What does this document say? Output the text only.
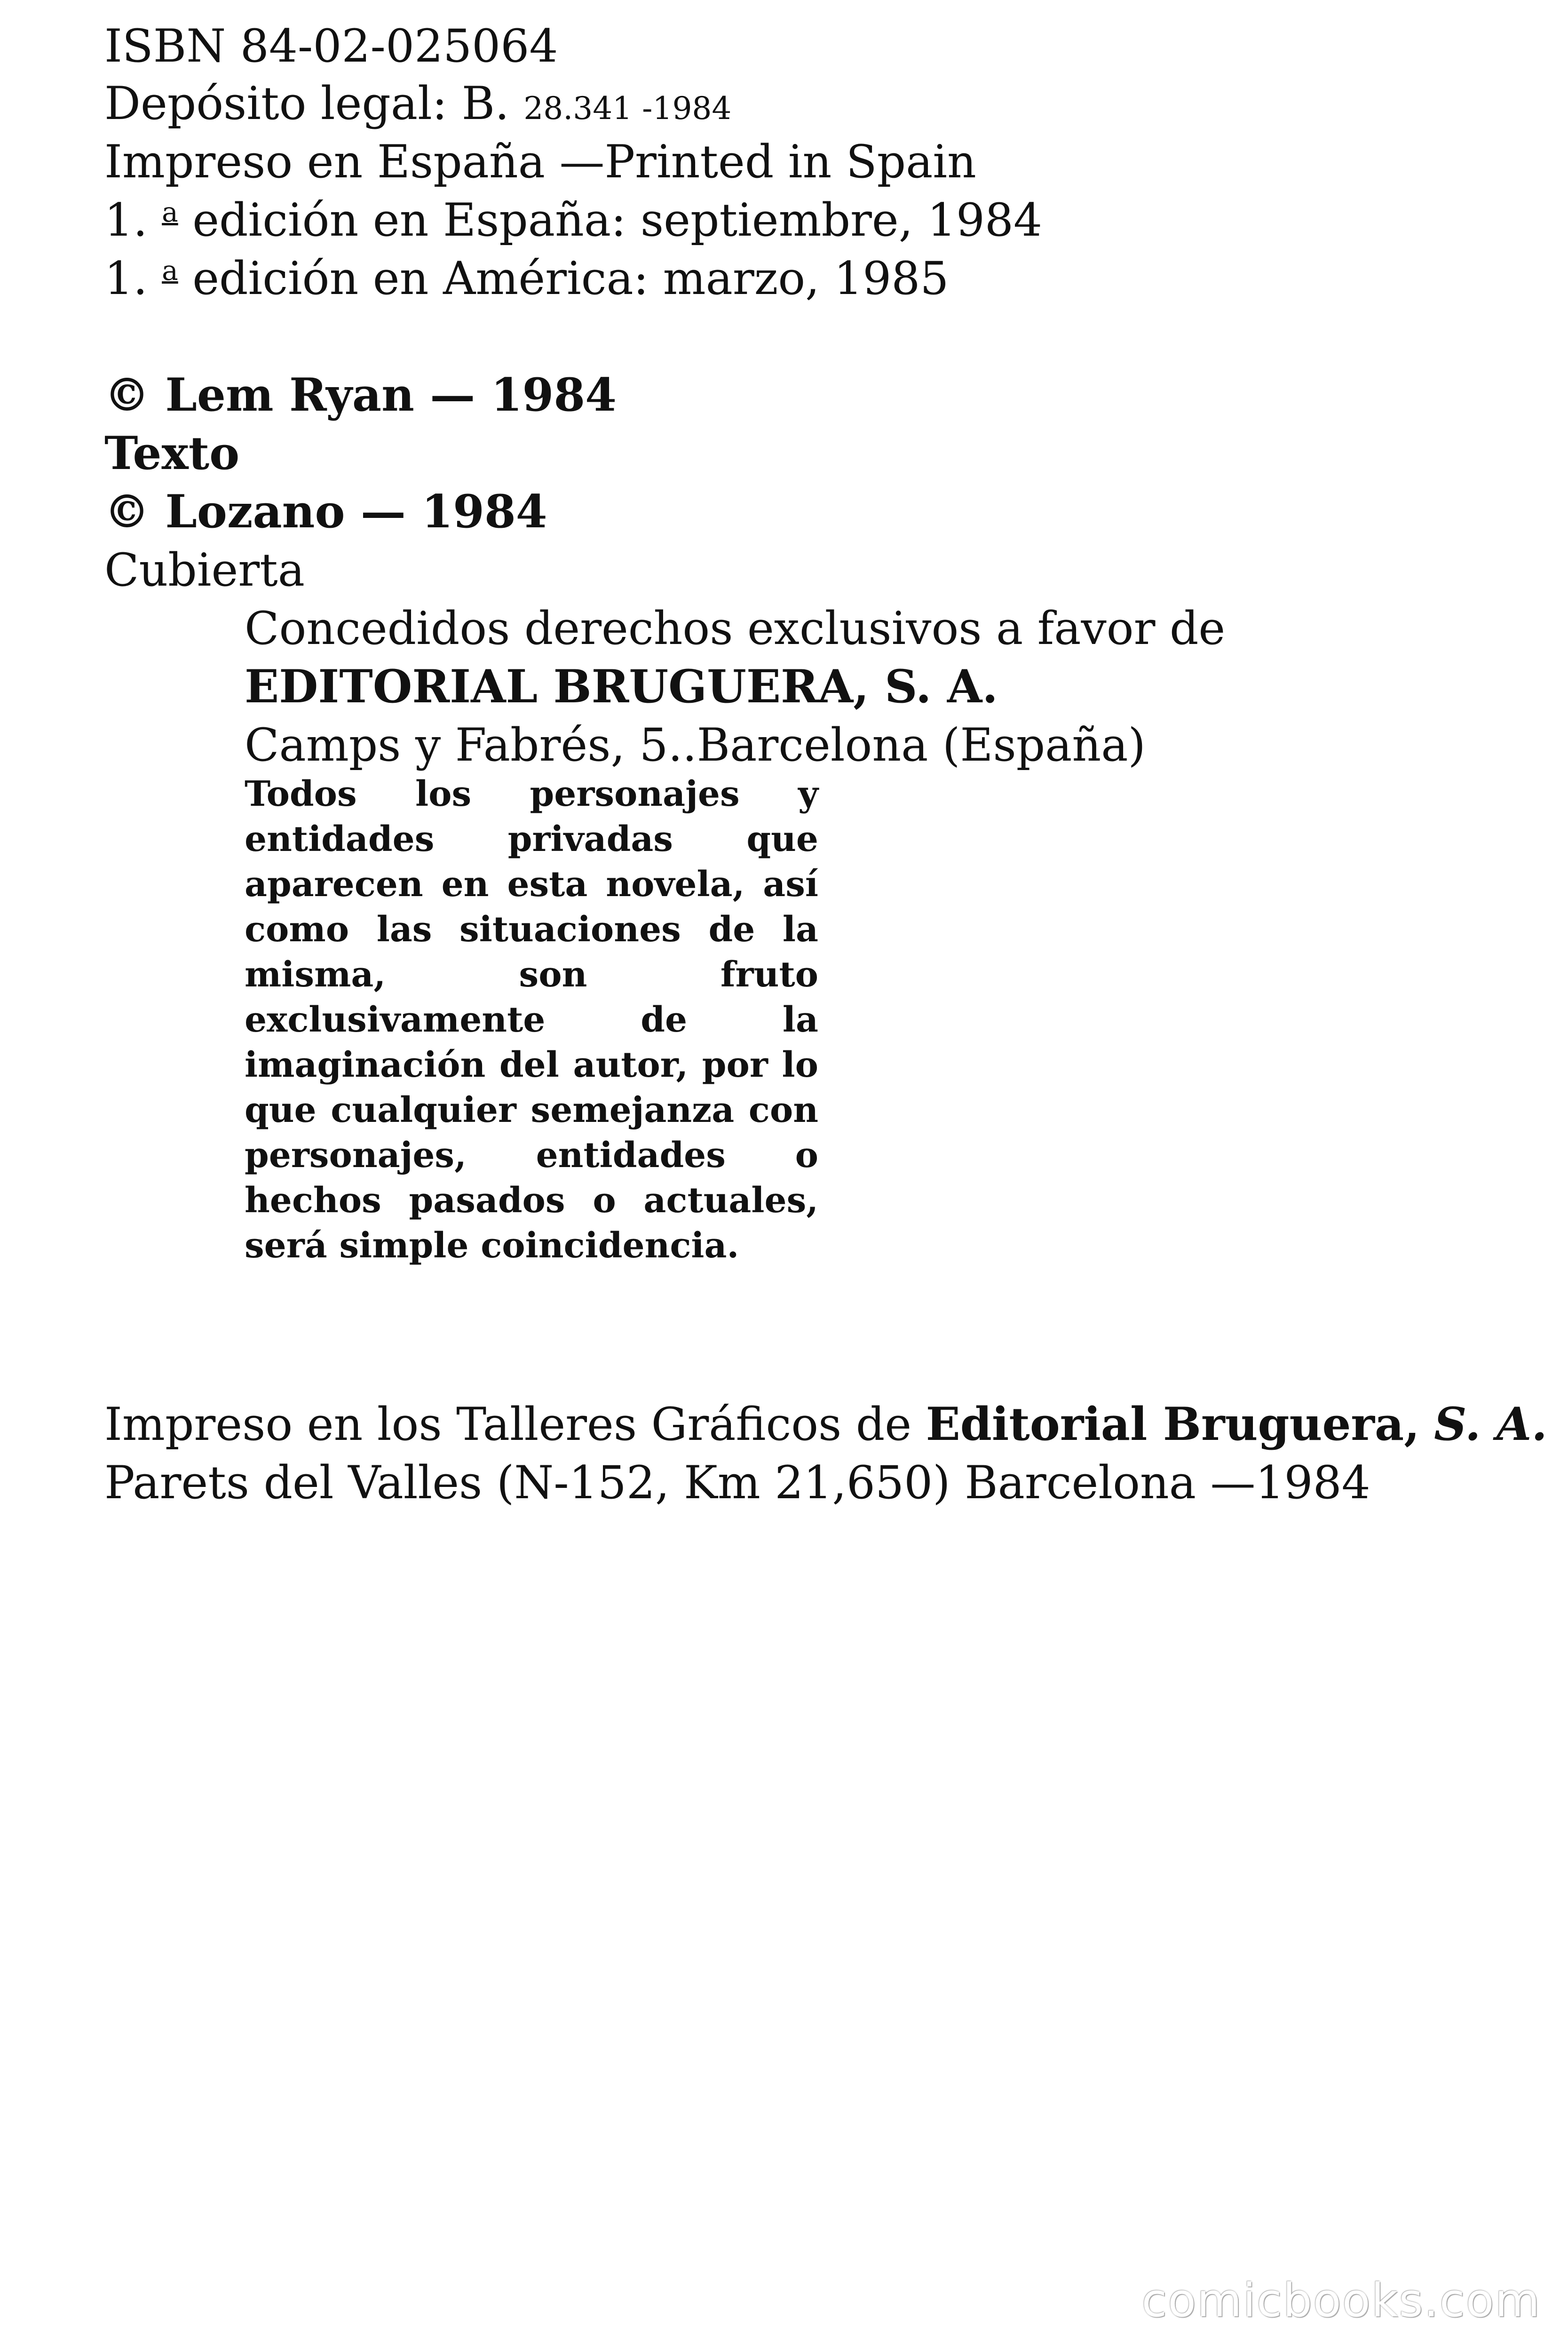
ISBN 84-02-025064
Depósito legal: B. 28.341 -1984
Impreso en España —Printed in Spain
1. $^a$ edición en España: septiembre, 1984
1. $^a$ edición en América: marzo, 1985
© Lem Ryan — 1984
Texto
© Lozano — 1984
Cubierta
Concedidos derechos exclusivos a favor de
EDITORIAL BRUGUERA, S. A.
Camps y Fabrés, 5..Barcelona (España)
Todos los personajes y entidades privadas que aparecen en esta novela, así como las situaciones de la misma, son fruto exclusivamente de la imaginación del autor, por lo que cualquier semejanza con personajes, entidades o hechos pasados o actuales, será simple coincidencia.
Impreso en los Talleres Gráficos de Editorial Bruguera, S. A.
Parets del Valles (N-152, Km 21,650) Barcelona —1984
comicbooks.com
